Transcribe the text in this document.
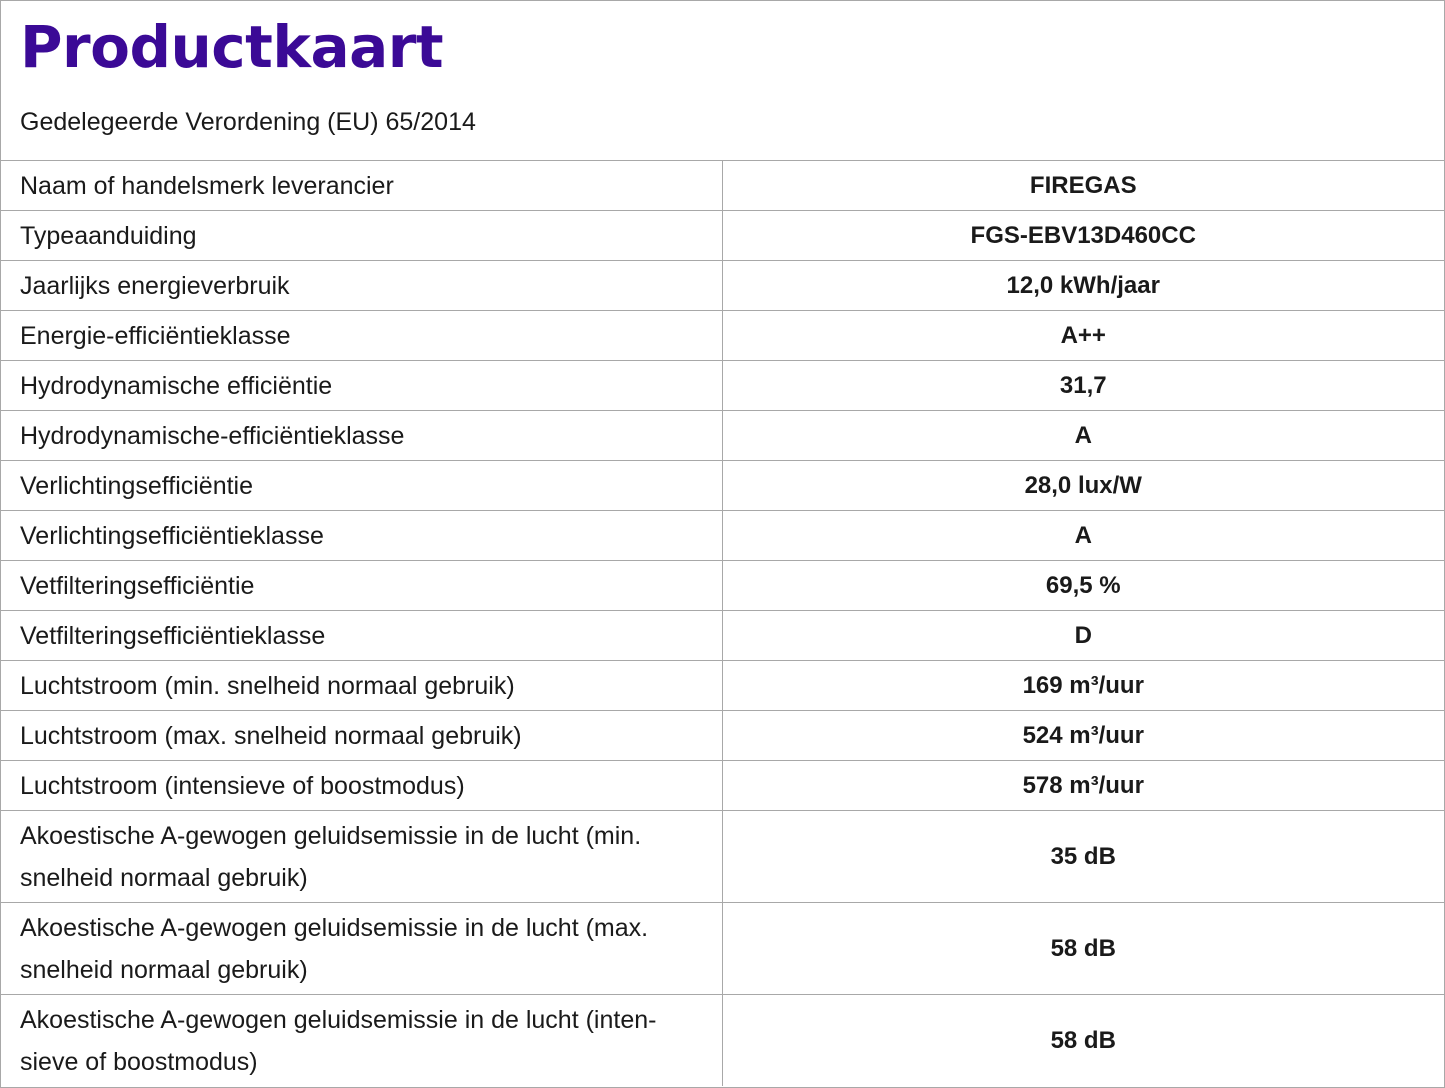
Productkaart
Gedelegeerde Verordening (EU) 65/2014
Naam of handelsmerk leverancier	FIREGAS
Typeaanduiding	FGS-EBV13D460CC
Jaarlijks energieverbruik	12,0 kWh/jaar
Energie-efficiëntieklasse	A++
Hydrodynamische efficiëntie	31,7
Hydrodynamische-efficiëntieklasse	A
Verlichtingsefficiëntie	28,0 lux/W
Verlichtingsefficiëntieklasse	A
Vetfilteringsefficiëntie	69,5 %
Vetfilteringsefficiëntieklasse	D
Luchtstroom (min. snelheid normaal gebruik)	169 m³/uur
Luchtstroom (max. snelheid normaal gebruik)	524 m³/uur
Luchtstroom (intensieve of boostmodus)	578 m³/uur
Akoestische A-gewogen geluidsemissie in de lucht (min. snelheid normaal gebruik)	35 dB
Akoestische A-gewogen geluidsemissie in de lucht (max. snelheid normaal gebruik)	58 dB
Akoestische A-gewogen geluidsemissie in de lucht (inten-sieve of boostmodus)	58 dB
